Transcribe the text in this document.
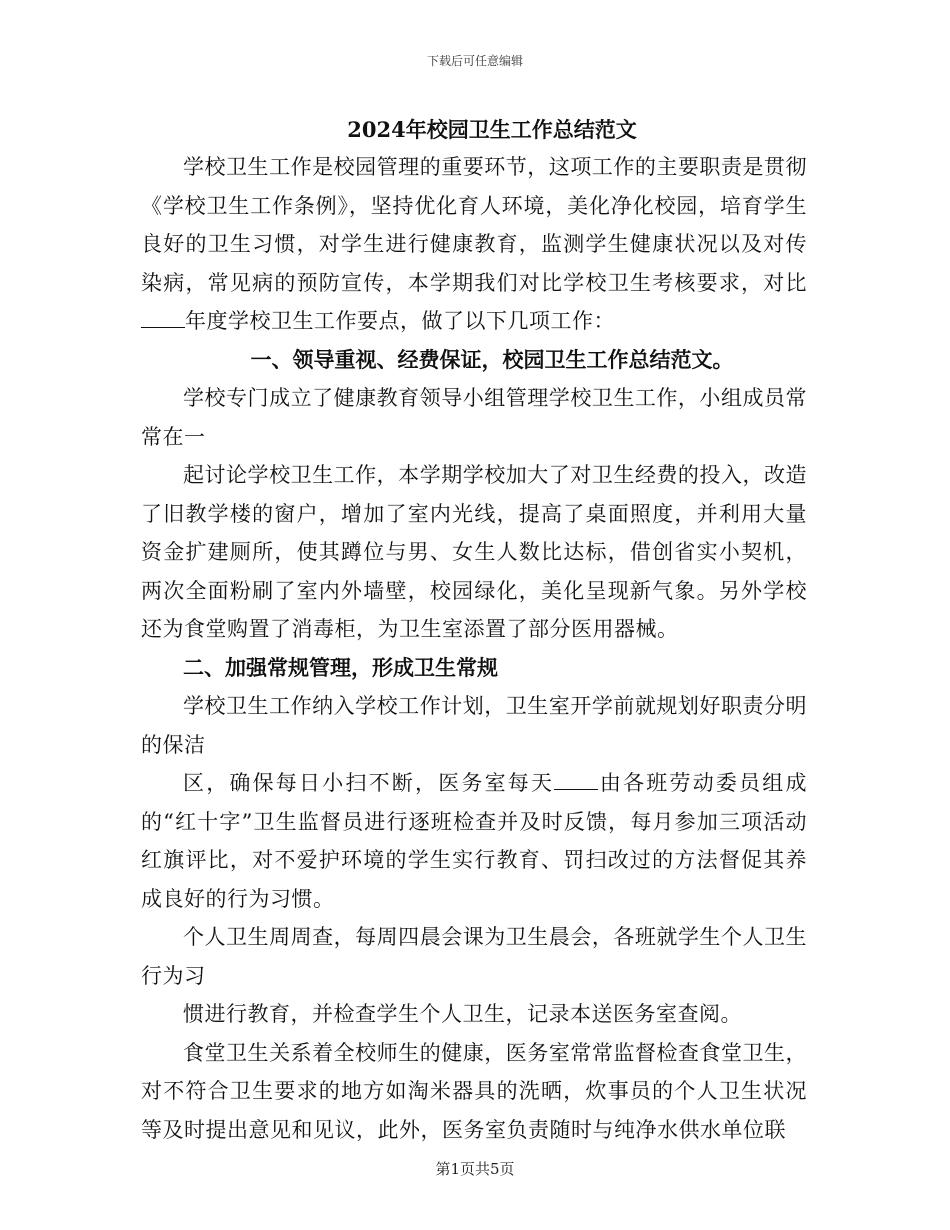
下载后可任意编辑
2024年校园卫生工作总结范文

学校卫生工作是校园管理的重要环节，这项工作的主要职责是贯彻《学校卫生工作条例》，坚持优化育人环境，美化净化校园，培育学生良好的卫生习惯，对学生进行健康教育，监测学生健康状况以及对传染病，常见病的预防宣传，本学期我们对比学校卫生考核要求，对比年度学校卫生工作要点，做了以下几项工作：

一、领导重视、经费保证，校园卫生工作总结范文。

学校专门成立了健康教育领导小组管理学校卫生工作，小组成员常常在一

起讨论学校卫生工作，本学期学校加大了对卫生经费的投入，改造了旧教学楼的窗户，增加了室内光线，提高了桌面照度，并利用大量资金扩建厕所，使其蹲位与男、女生人数比达标，借创省实小契机，两次全面粉刷了室内外墙壁，校园绿化，美化呈现新气象。另外学校还为食堂购置了消毒柜，为卫生室添置了部分医用器械。

二、加强常规管理，形成卫生常规

学校卫生工作纳入学校工作计划，卫生室开学前就规划好职责分明的保洁

区，确保每日小扫不断，医务室每天 由各班劳动委员组成的“红十字”卫生监督员进行逐班检查并及时反馈，每月参加三项活动红旗评比，对不爱护环境的学生实行教育、罚扫改过的方法督促其养成良好的行为习惯。

个人卫生周周查，每周四晨会课为卫生晨会，各班就学生个人卫生行为习

惯进行教育，并检查学生个人卫生，记录本送医务室查阅。

食堂卫生关系着全校师生的健康，医务室常常监督检查食堂卫生，对不符合卫生要求的地方如淘米器具的洗晒，炊事员的个人卫生状况等及时提出意见和见议，此外，医务室负责随时与纯净水供水单位联

第1页共5页
